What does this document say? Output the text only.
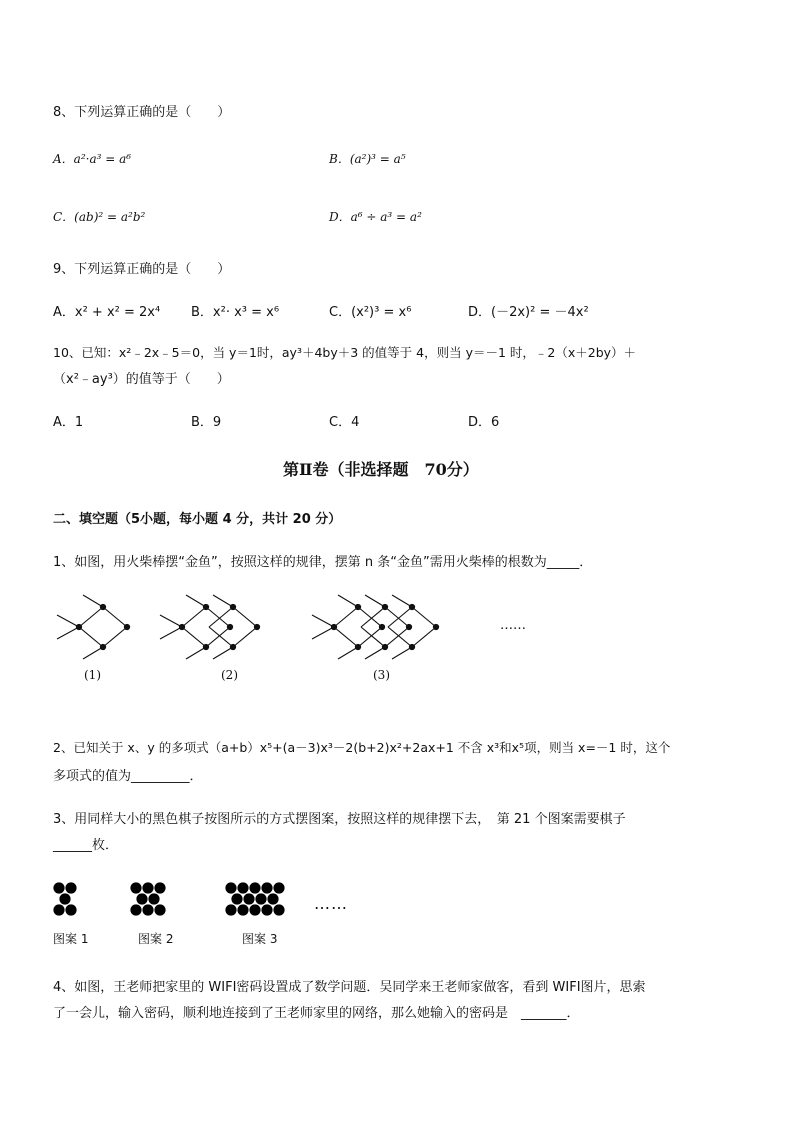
8、下列运算正确的是（　　）
A．a²·a³ = a⁶	B．(a²)³ = a⁵
C．(ab)² = a²b²	D．a⁶ ÷ a³ = a²
9、下列运算正确的是（　　）
A．x² + x² = 2x⁴ B．x²· x³ = x⁶	C．(x²)³ = x⁶	D．(－2x)² = －4x²
10、已知：x²﹣2x﹣5＝0，当 y＝1时，ay³＋4by＋3 的值等于 4，则当 y＝－1 时，﹣2（x＋2by）＋
（x²﹣ay³）的值等于（　　）
A．1	B．9	C．4	D．6
第Ⅱ卷（非选择题　70分）
二、填空题（5小题，每小题 4 分，共计 20 分）
1、如图，用火柴棒摆“金鱼”，按照这样的规律，摆第 n 条“金鱼”需用火柴棒的根数为_____．
……
(1)	(2)	(3)
2、已知关于 x、y 的多项式（a+b）x⁵+(a－3)x³－2(b+2)x²+2ax+1 不含 x³和x⁵项，则当 x=－1 时，这个
多项式的值为_________．
3、用同样大小的黑色棋子按图所示的方式摆图案，按照这样的规律摆下去，　第 21 个图案需要棋子
______枚．
……
图案 1	图案 2	图案 3
4、如图，王老师把家里的 WIFI密码设置成了数学问题．吴同学来王老师家做客，看到 WIFI图片，思索
了一会儿，输入密码，顺利地连接到了王老师家里的网络，那么她输入的密码是　_______．
